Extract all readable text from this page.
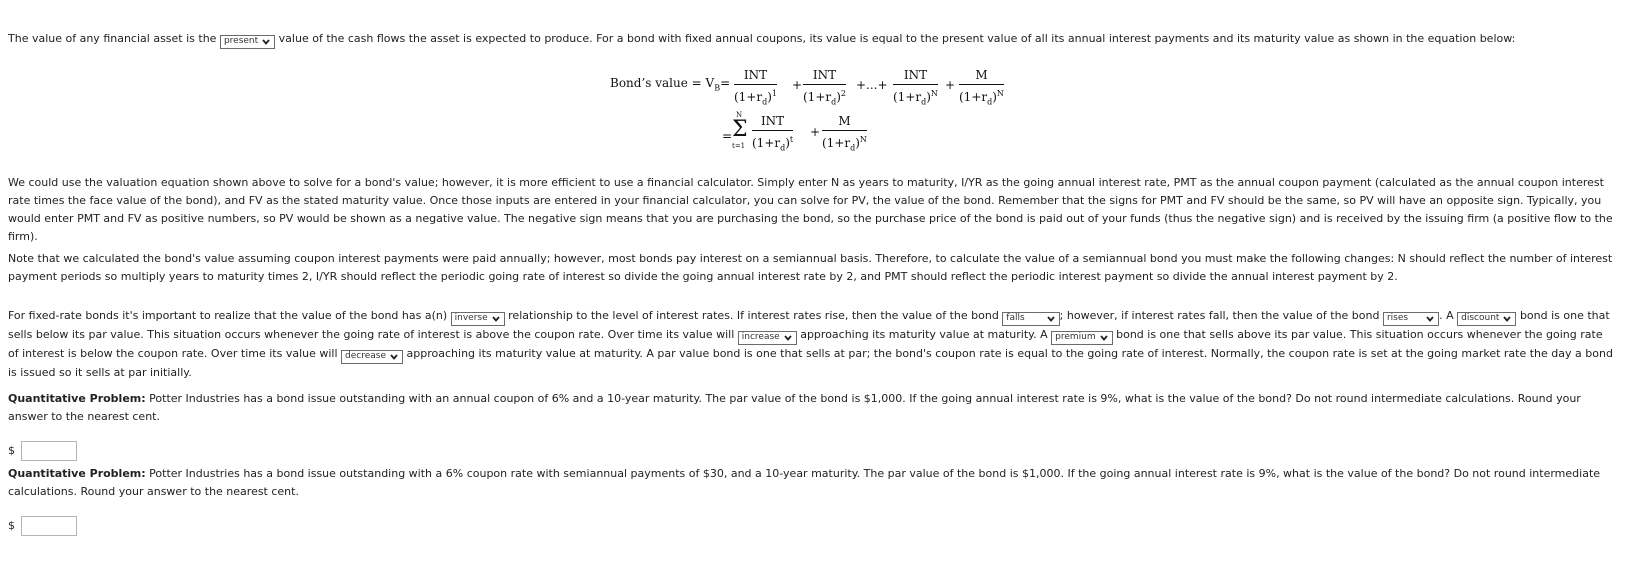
The value of any financial asset is the present value of the cash flows the asset is expected to produce. For a bond with fixed annual coupons, its value is equal to the present value of all its annual interest payments and its maturity value as shown in the equation below:

Bond’s value = $V_B=$
INT
$(1+r_d)^1$
+
INT
$(1+r_d)^2$
+...+
INT
$(1+r_d)^N$
+ $\frac{M}{(1+r_d)^N}$
=
N
Σ
t=1
INT
$(1+r_d)^t$
+ $\frac{M}{(1+r_d)^N}$

We could use the valuation equation shown above to solve for a bond's value; however, it is more efficient to use a financial calculator. Simply enter N as years to maturity, I/YR as the going annual interest rate, PMT as the annual coupon payment (calculated as the annual coupon interest rate times the face value of the bond), and FV as the stated maturity value. Once those inputs are entered in your financial calculator, you can solve for PV, the value of the bond. Remember that the signs for PMT and FV should be the same, so PV will have an opposite sign. Typically, you would enter PMT and FV as positive numbers, so PV would be shown as a negative value. The negative sign means that you are purchasing the bond, so the purchase price of the bond is paid out of your funds (thus the negative sign) and is received by the issuing firm (a positive flow to the firm).

Note that we calculated the bond's value assuming coupon interest payments were paid annually; however, most bonds pay interest on a semiannual basis. Therefore, to calculate the value of a semiannual bond you must make the following changes: N should reflect the number of interest payment periods so multiply years to maturity times 2, I/YR should reflect the periodic going rate of interest so divide the going annual interest rate by 2, and PMT should reflect the periodic interest payment so divide the annual interest payment by 2.

For fixed-rate bonds it's important to realize that the value of the bond has a(n) inverse relationship to the level of interest rates. If interest rates rise, then the value of the bond falls	; however, if interest rates fall, then the value of the bond rises	. A discount bond is one that sells below its par value. This situation occurs whenever the going rate of interest is above the coupon rate. Over time its value will increase approaching its maturity value at maturity. A premium bond is one that sells above its par value. This situation occurs whenever the going rate of interest is below the coupon rate. Over time its value will decrease approaching its maturity value at maturity. A par value bond is one that sells at par; the bond's coupon rate is equal to the going rate of interest. Normally, the coupon rate is set at the going market rate the day a bond is issued so it sells at par initially.

Quantitative Problem: Potter Industries has a bond issue outstanding with an annual coupon of 6% and a 10-year maturity. The par value of the bond is $1,000. If the going annual interest rate is 9%, what is the value of the bond? Do not round intermediate calculations. Round your answer to the nearest cent.

$

Quantitative Problem: Potter Industries has a bond issue outstanding with a 6% coupon rate with semiannual payments of $30, and a 10-year maturity. The par value of the bond is $1,000. If the going annual interest rate is 9%, what is the value of the bond? Do not round intermediate calculations. Round your answer to the nearest cent.

$
